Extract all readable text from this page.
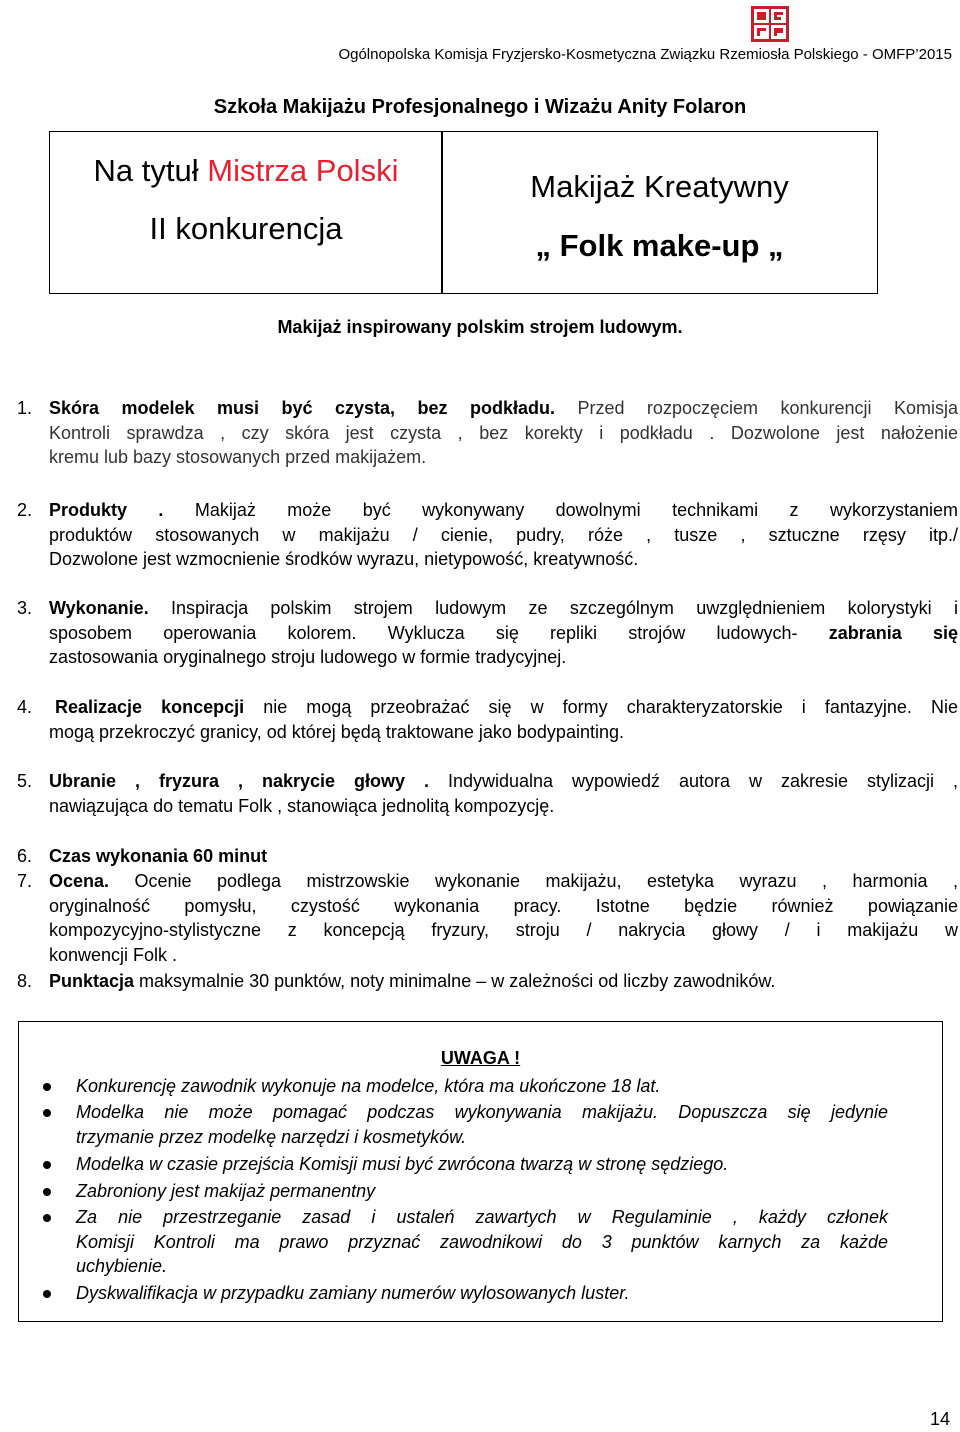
Ogólnopolska Komisja Fryzjersko-Kosmetyczna Związku Rzemiosła Polskiego - OMFP’2015
Szkoła Makijażu Profesjonalnego i Wizażu Anity Folaron
Na tytuł Mistrza Polski
II konkurencja
Makijaż Kreatywny
„ Folk make-up „
Makijaż inspirowany polskim strojem ludowym.
1. Skóra modelek musi być czysta, bez podkładu. Przed rozpoczęciem konkurencji Komisja

Kontroli sprawdza , czy skóra jest czysta , bez korekty i podkładu . Dozwolone jest nałożenie

kremu lub bazy stosowanych przed makijażem.

2. Produkty . Makijaż może być wykonywany dowolnymi technikami z wykorzystaniem

produktów stosowanych w makijażu / cienie, pudry, róże , tusze , sztuczne rzęsy itp./

Dozwolone jest wzmocnienie środków wyrazu, nietypowość, kreatywność.

3. Wykonanie. Inspiracja polskim strojem ludowym ze szczególnym uwzględnieniem kolorystyki i

sposobem operowania kolorem. Wyklucza się repliki strojów ludowych- zabrania się

zastosowania oryginalnego stroju ludowego w formie tradycyjnej.

4. Realizacje koncepcji nie mogą przeobrażać się w formy charakteryzatorskie i fantazyjne. Nie

mogą przekroczyć granicy, od której będą traktowane jako bodypainting.

5. Ubranie , fryzura , nakrycie głowy . Indywidualna wypowiedź autora w zakresie stylizacji ,

nawiązująca do tematu Folk , stanowiąca jednolitą kompozycję.

6. Czas wykonania 60 minut

7. Ocena. Ocenie podlega mistrzowskie wykonanie makijażu, estetyka wyrazu , harmonia ,

oryginalność pomysłu, czystość wykonania pracy. Istotne będzie również powiązanie

kompozycyjno-stylistyczne z koncepcją fryzury, stroju / nakrycia głowy / i makijażu w

konwencji Folk .

8. Punktacja maksymalnie 30 punktów, noty minimalne – w zależności od liczby zawodników.

UWAGA !
Konkurencję zawodnik wykonuje na modelce, która ma ukończone 18 lat.
Modelka nie może pomagać podczas wykonywania makijażu. Dopuszcza się jedynie
trzymanie przez modelkę narzędzi i kosmetyków.
Modelka w czasie przejścia Komisji musi być zwrócona twarzą w stronę sędziego.
Zabroniony jest makijaż permanentny
Za nie przestrzeganie zasad i ustaleń zawartych w Regulaminie , każdy członek
Komisji Kontroli ma prawo przyznać zawodnikowi do 3 punktów karnych za każde
uchybienie.
Dyskwalifikacja w przypadku zamiany numerów wylosowanych luster.
14
